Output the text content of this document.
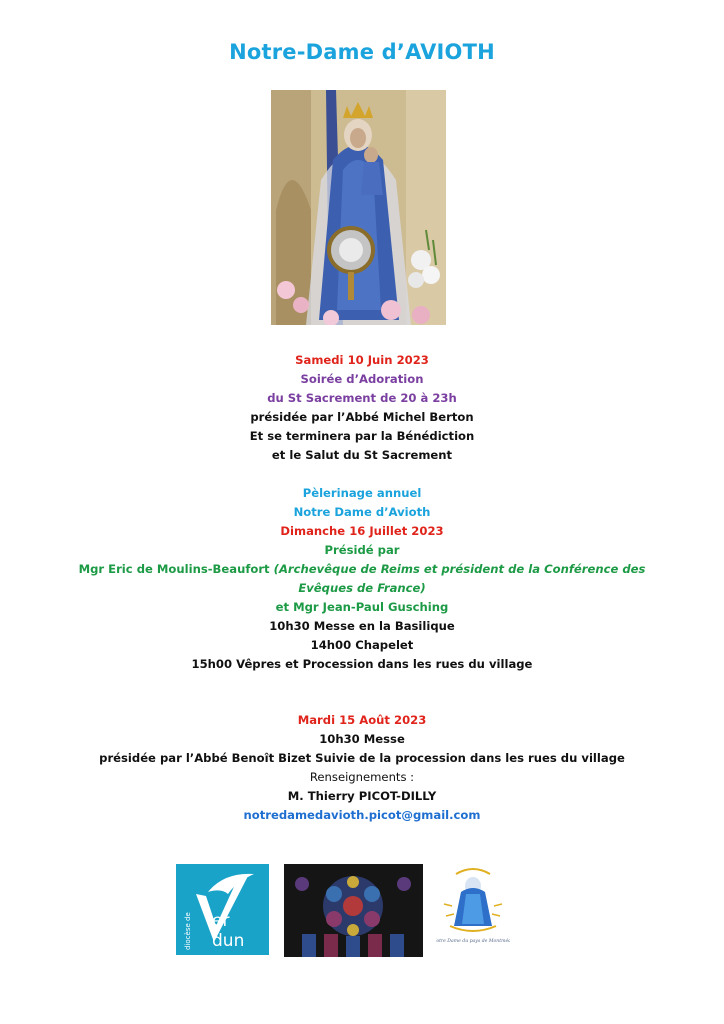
Notre-Dame d’AVIOTH
Samedi 10 Juin 2023
Soirée d’Adoration
du St Sacrement de 20 à 23h
présidée par l’Abbé Michel Berton
Et se terminera par la Bénédiction
et le Salut du St Sacrement
Pèlerinage annuel
Notre Dame d’Avioth
Dimanche 16 Juillet 2023
Présidé par
Mgr Eric de Moulins-Beaufort (Archevêque de Reims et président de la Conférence des
Evêques de France)
et Mgr Jean-Paul Gusching
10h30 Messe en la Basilique
14h00 Chapelet
15h00 Vêpres et Procession dans les rues du village
Mardi 15 Août 2023
10h30 Messe
présidée par l’Abbé Benoît Bizet Suivie de la procession dans les rues du village
Renseignements :
M. Thierry PICOT-DILLY
notredamedavioth.picot@gmail.com
er
dun
diocèse de	Notre Dame du pays de Montmédy
